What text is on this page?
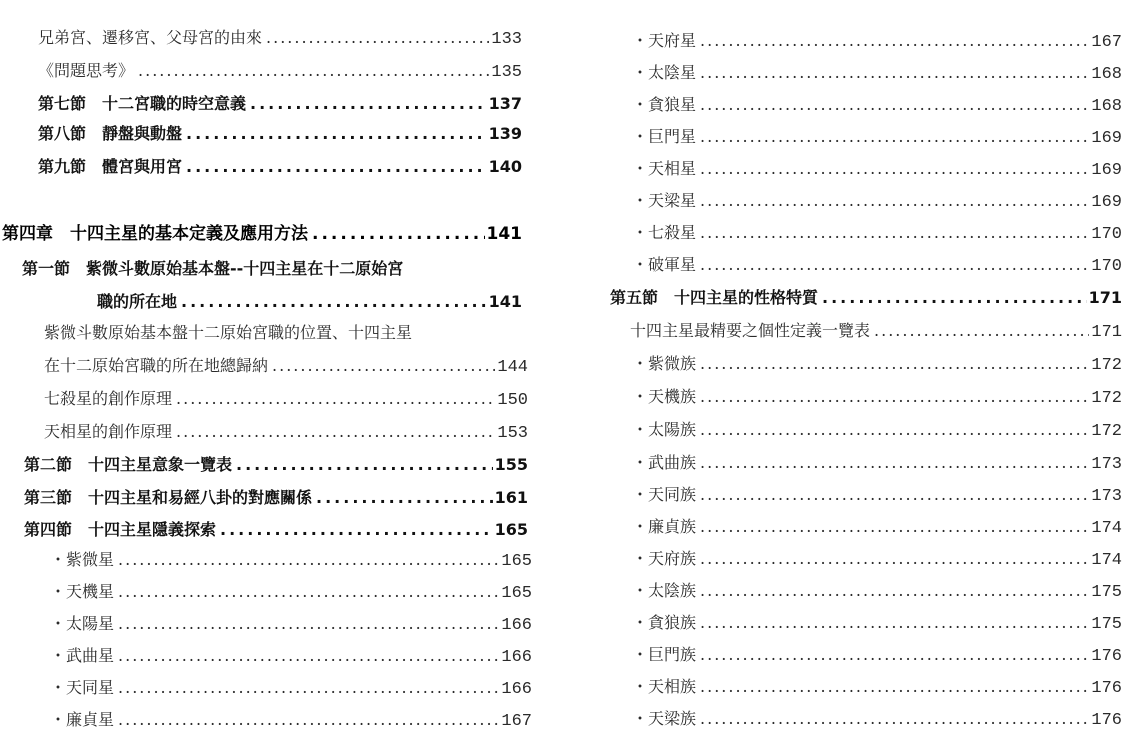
兄弟宮、遷移宮、父母宮的由來 .....	133
《問題思考》 .....	135
第七節　十二宮職的時空意義 .....	137
第八節　靜盤與動盤 .....	139
第九節　體宮與用宮 .....	140
第四章　十四主星的基本定義及應用方法 .....	141
第一節　紫微斗數原始基本盤--十四主星在十二原始宮
職的所在地 .....	141
紫微斗數原始基本盤十二原始宮職的位置、十四主星
在十二原始宮職的所在地總歸納 .....	144
七殺星的創作原理 .....	150
天相星的創作原理 .....	153
第二節　十四主星意象一覽表 .....	155
第三節　十四主星和易經八卦的對應關係 .....	161
第四節　十四主星隱義探索 .....	165
・紫微星 .....	165
・天機星 .....	165
・太陽星 .....	166
・武曲星 .....	166
・天同星 .....	166
・廉貞星 .....	167
・天府星 .....	167
・太陰星 .....	168
・貪狼星 .....	168
・巨門星 .....	169
・天相星 .....	169
・天梁星 .....	169
・七殺星 .....	170
・破軍星 .....	170
第五節　十四主星的性格特質 .....	171
十四主星最精要之個性定義一覽表 .....	171
・紫微族 .....	172
・天機族 .....	172
・太陽族 .....	172
・武曲族 .....	173
・天同族 .....	173
・廉貞族 .....	174
・天府族 .....	174
・太陰族 .....	175
・貪狼族 .....	175
・巨門族 .....	176
・天相族 .....	176
・天梁族 .....	176
